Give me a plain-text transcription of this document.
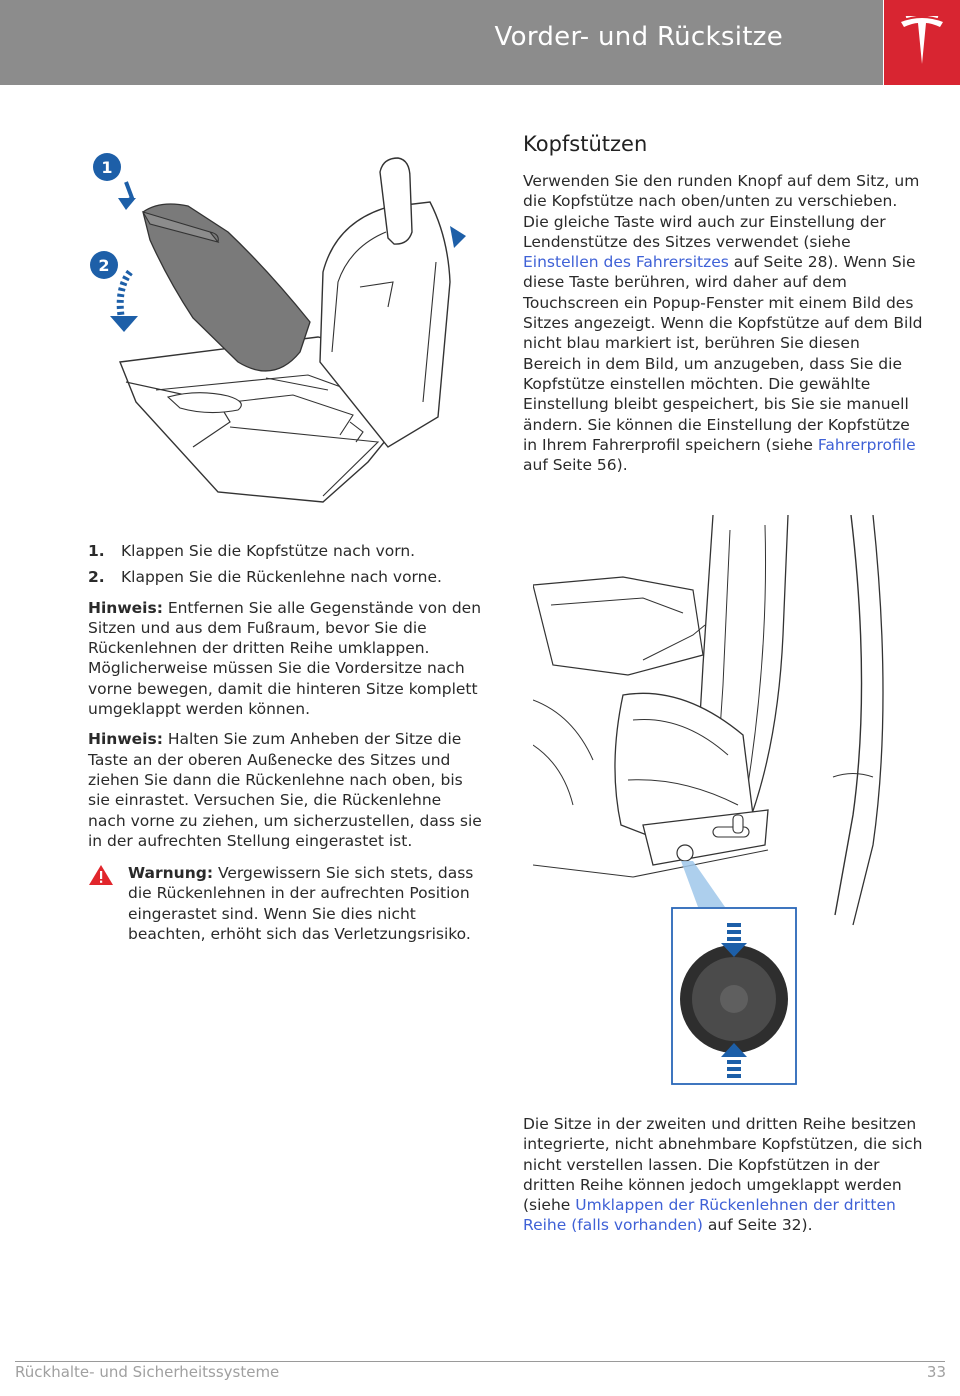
Vorder- und Rücksitze
1
2
1.	Klappen Sie die Kopfstütze nach vorn.
2.	Klappen Sie die Rückenlehne nach vorne.

Hinweis: Entfernen Sie alle Gegenstände von den Sitzen und aus dem Fußraum, bevor Sie die Rückenlehnen der dritten Reihe umklappen. Möglicherweise müssen Sie die Vordersitze nach vorne bewegen, damit die hinteren Sitze komplett umgeklappt werden können.

Hinweis: Halten Sie zum Anheben der Sitze die Taste an der oberen Außenecke des Sitzes und ziehen Sie dann die Rückenlehne nach oben, bis sie einrastet. Versuchen Sie, die Rückenlehne nach vorne zu ziehen, um sicherzustellen, dass sie in der aufrechten Stellung eingerastet ist.

Warnung: Vergewissern Sie sich stets, dass die Rückenlehnen in der aufrechten Position eingerastet sind. Wenn Sie dies nicht beachten, erhöht sich das Verletzungsrisiko.

Kopfstützen

Verwenden Sie den runden Knopf auf dem Sitz, um die Kopfstütze nach oben/unten zu verschieben. Die gleiche Taste wird auch zur Einstellung der Lendenstütze des Sitzes verwendet (siehe Einstellen des Fahrersitzes auf Seite 28). Wenn Sie diese Taste berühren, wird daher auf dem Touchscreen ein Popup-Fenster mit einem Bild des Sitzes angezeigt. Wenn die Kopfstütze auf dem Bild nicht blau markiert ist, berühren Sie diesen Bereich in dem Bild, um anzugeben, dass Sie die Kopfstütze einstellen möchten. Die gewählte Einstellung bleibt gespeichert, bis Sie sie manuell ändern. Sie können die Einstellung der Kopfstütze in Ihrem Fahrerprofil speichern (siehe Fahrerprofile auf Seite 56).

Die Sitze in der zweiten und dritten Reihe besitzen integrierte, nicht abnehmbare Kopfstützen, die sich nicht verstellen lassen. Die Kopfstützen in der dritten Reihe können jedoch umgeklappt werden (siehe Umklappen der Rückenlehnen der dritten Reihe (falls vorhanden) auf Seite 32).

Rückhalte- und Sicherheitssysteme	33
